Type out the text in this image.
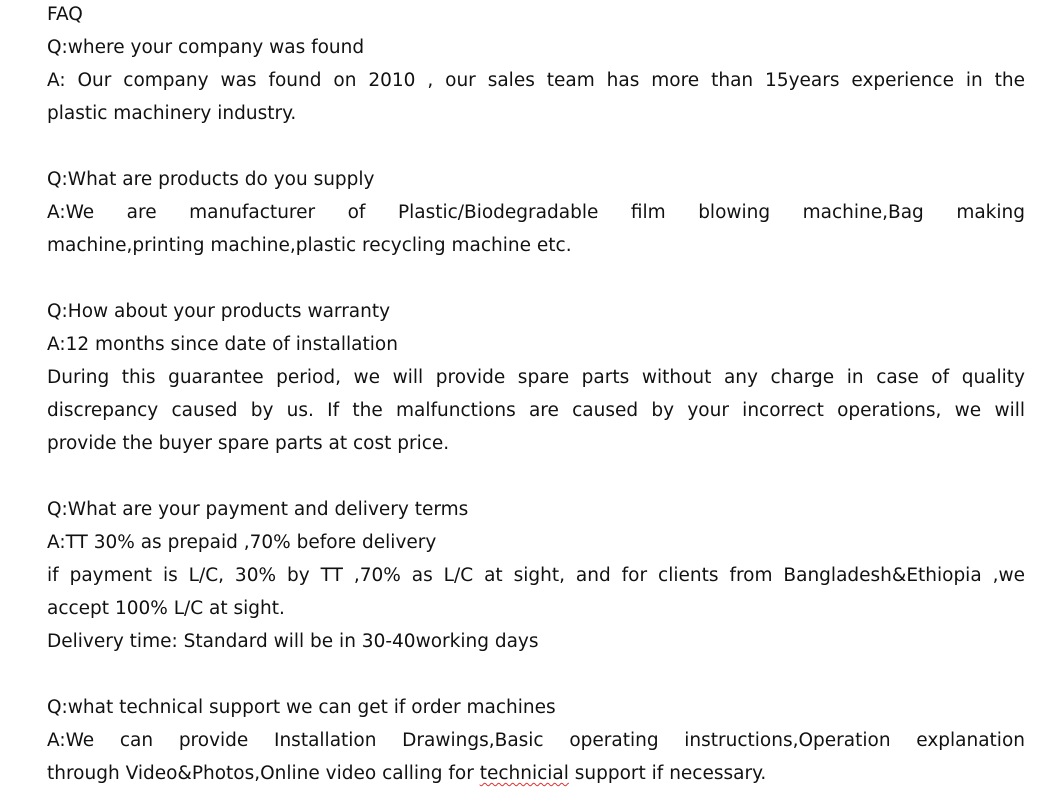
FAQ
Q:where your company was found
A: Our company was found on 2010 , our sales team has more than 15years experience in the
plastic machinery industry.
Q:What are products do you supply
A:We are manufacturer of Plastic/Biodegradable film blowing machine,Bag making
machine,printing machine,plastic recycling machine etc.
Q:How about your products warranty
A:12 months since date of installation
During this guarantee period, we will provide spare parts without any charge in case of quality
discrepancy caused by us. If the malfunctions are caused by your incorrect operations, we will
provide the buyer spare parts at cost price.
Q:What are your payment and delivery terms
A:TT 30% as prepaid ,70% before delivery
if payment is L/C, 30% by TT ,70% as L/C at sight, and for clients from Bangladesh&Ethiopia ,we
accept 100% L/C at sight.
Delivery time: Standard will be in 30-40working days
Q:what technical support we can get if order machines
A:We can provide Installation Drawings,Basic operating instructions,Operation explanation
through Video&Photos,Online video calling for technicial support if necessary.
